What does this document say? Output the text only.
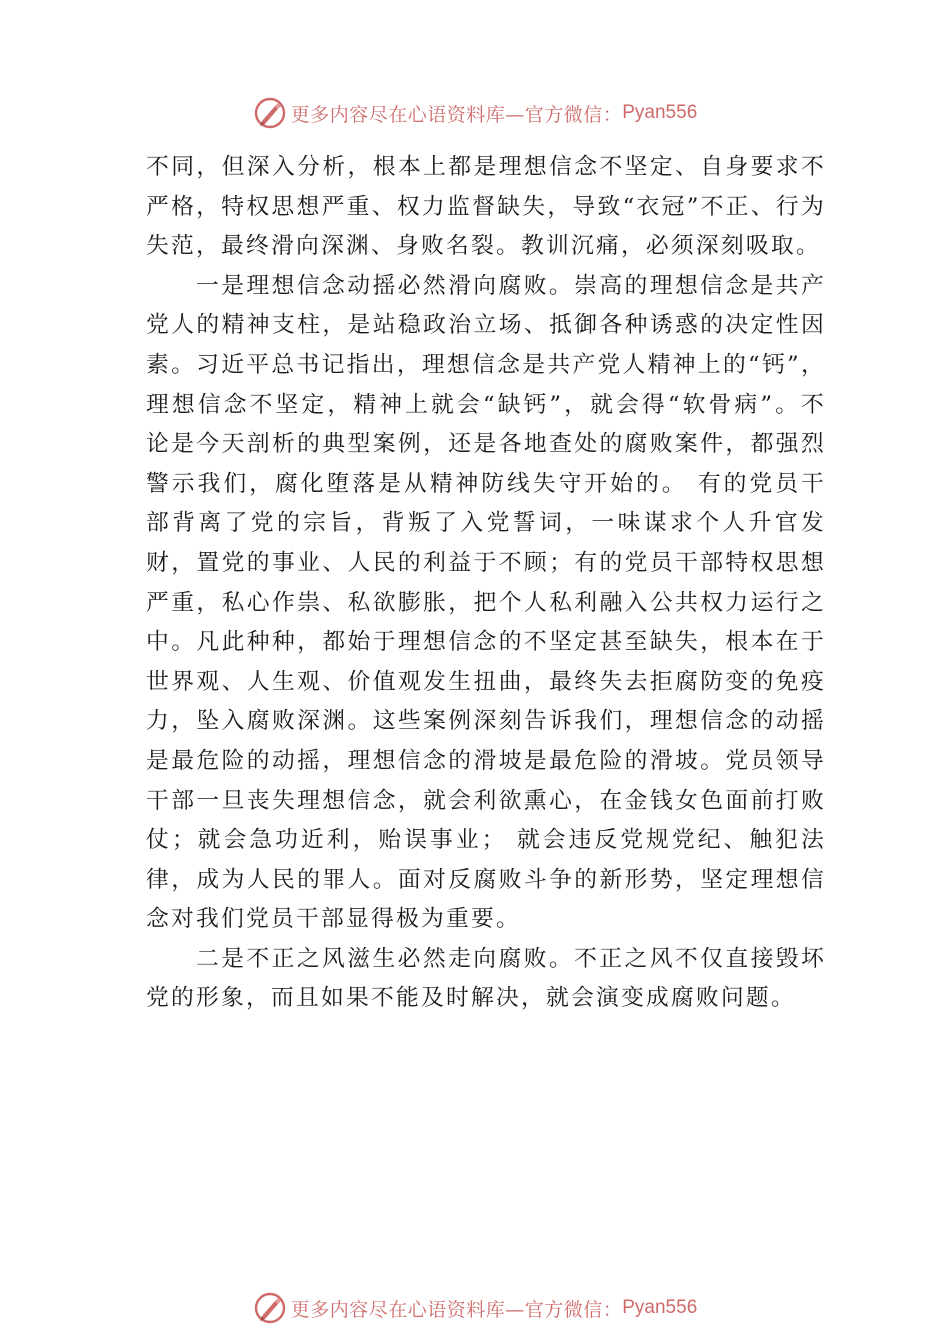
更多内容尽在心语资料库—官方微信： Pyan556

不同，但深入分析，根本上都是理想信念不坚定、自身要求不严格，特权思想严重、权力监督缺失，导致“衣冠”不正、行为失范，最终滑向深渊、身败名裂。教训沉痛，必须深刻吸取。

一是理想信念动摇必然滑向腐败。崇高的理想信念是共产党人的精神支柱，是站稳政治立场、抵御各种诱惑的决定性因素。习近平总书记指出，理想信念是共产党人精神上的“钙”，理想信念不坚定，精神上就会“缺钙”，就会得“软骨病”。不论是今天剖析的典型案例，还是各地查处的腐败案件，都强烈警示我们，腐化堕落是从精神防线失守开始的。 有的党员干部背离了党的宗旨，背叛了入党誓词，一味谋求个人升官发财，置党的事业、人民的利益于不顾；有的党员干部特权思想严重，私心作祟、私欲膨胀，把个人私利融入公共权力运行之中。凡此种种，都始于理想信念的不坚定甚至缺失，根本在于世界观、人生观、价值观发生扭曲，最终失去拒腐防变的免疫力，坠入腐败深渊。这些案例深刻告诉我们，理想信念的动摇是最危险的动摇，理想信念的滑坡是最危险的滑坡。党员领导干部一旦丧失理想信念，就会利欲熏心，在金钱女色面前打败仗；就会急功近利，贻误事业； 就会违反党规党纪、触犯法律，成为人民的罪人。面对反腐败斗争的新形势，坚定理想信念对我们党员干部显得极为重要。

二是不正之风滋生必然走向腐败。不正之风不仅直接毁坏党的形象，而且如果不能及时解决，就会演变成腐败问题。

更多内容尽在心语资料库—官方微信： Pyan556
